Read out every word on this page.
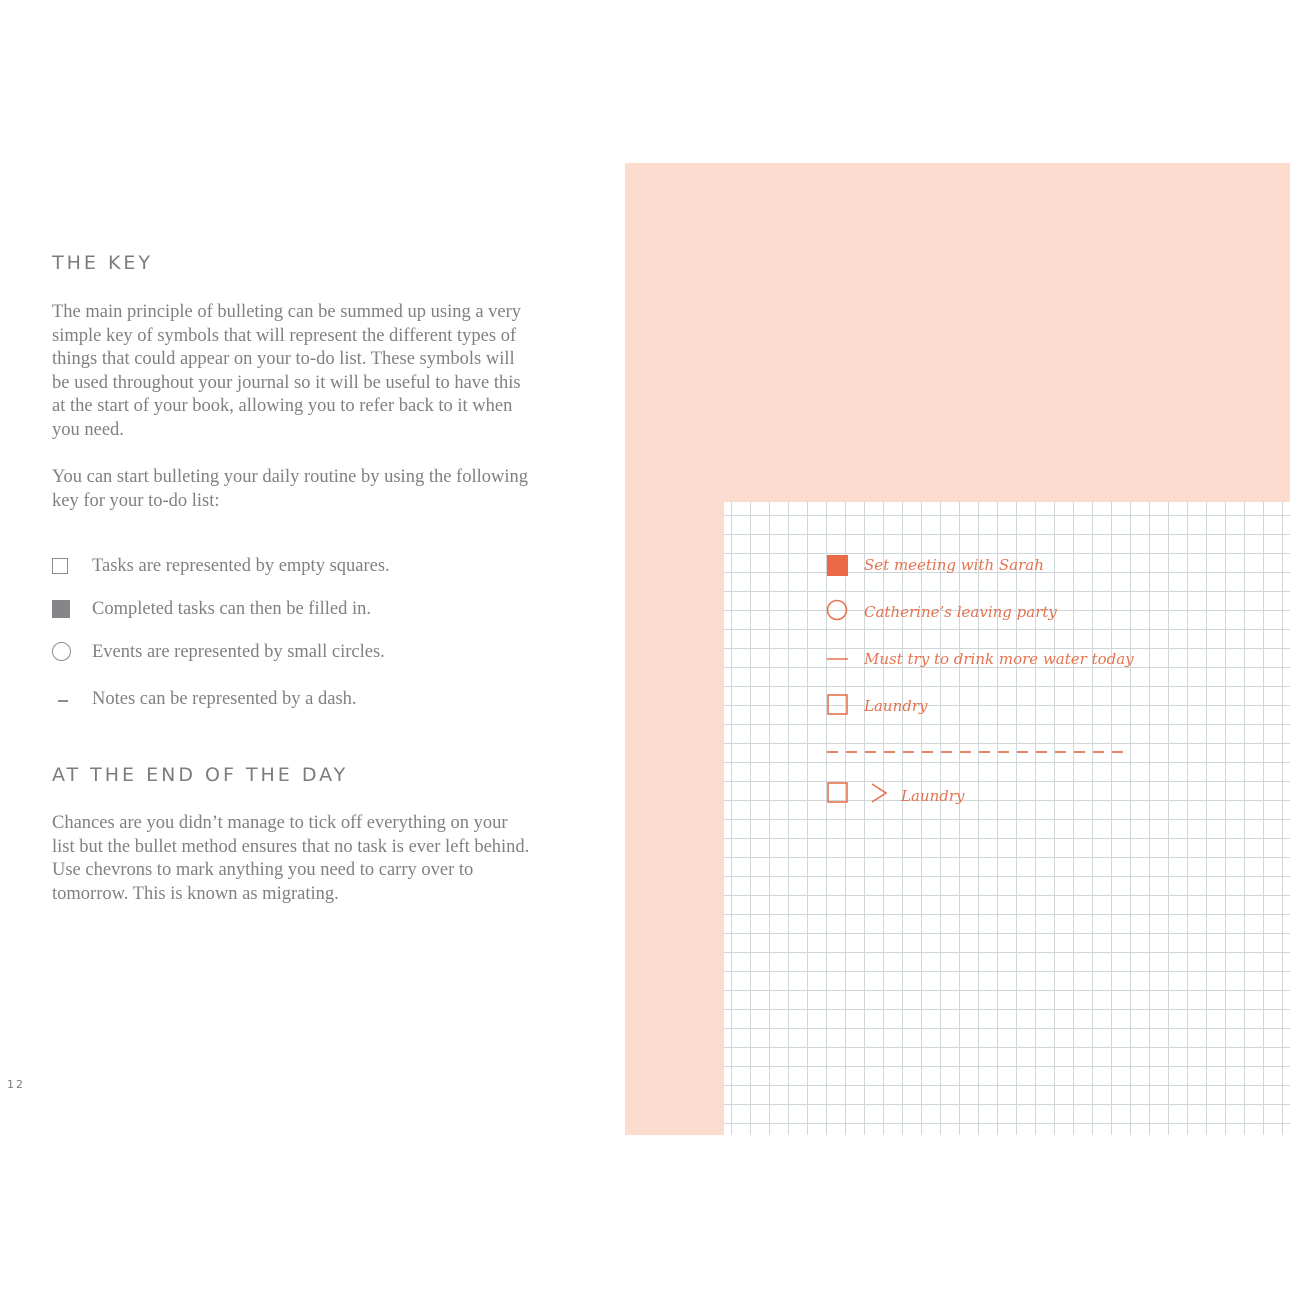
THE KEY

The main principle of bulleting can be summed up using a very simple key of symbols that will represent the different types of things that could appear on your to-do list. These symbols will be used throughout your journal so it will be useful to have this at the start of your book, allowing you to refer back to it when you need.

You can start bulleting your daily routine by using the following key for your to-do list:

Tasks are represented by empty squares.
Completed tasks can then be filled in.
Events are represented by small circles.
Notes can be represented by a dash.
AT THE END OF THE DAY

Chances are you didn’t manage to tick off everything on your list but the bullet method ensures that no task is ever left behind. Use chevrons to mark anything you need to carry over to tomorrow. This is known as migrating.

12
Set meeting with Sarah
Catherine’s leaving party
Must try to drink more water today
Laundry
Laundry
